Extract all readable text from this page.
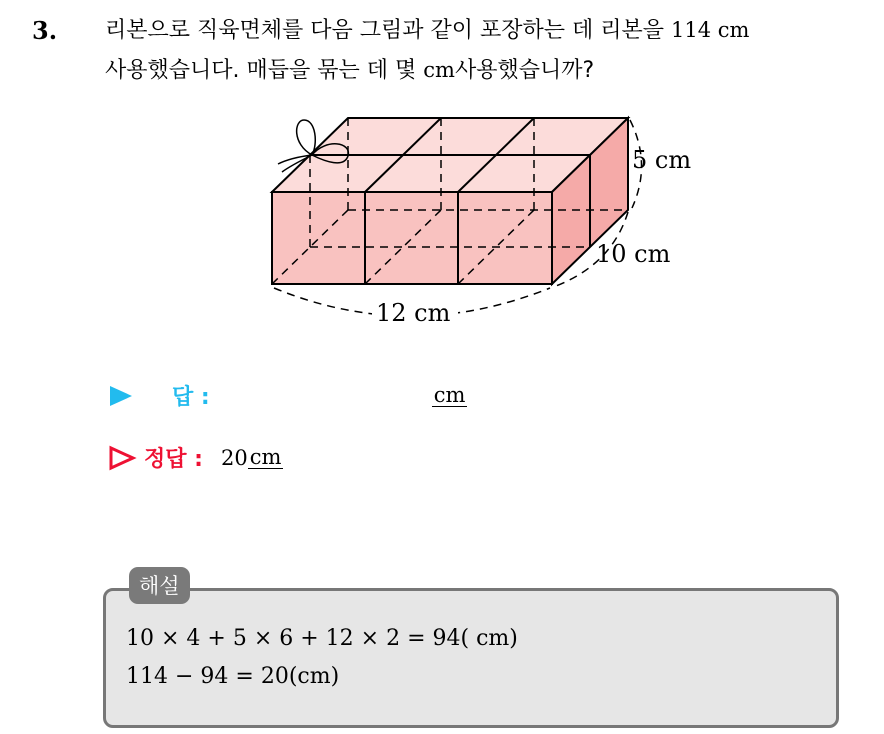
3. 리본으로 직육면체를 다음 그림과 같이 포장하는 데 리본을 114 cm
사용했습니다. 매듭을 묶는 데 몇 cm사용했습니까?
5 cm
10 cm
12 cm
답 :	cm
정답 : 20 cm
해설
10 × 4 + 5 × 6 + 12 × 2 = 94( cm)
114 − 94 = 20(cm)
